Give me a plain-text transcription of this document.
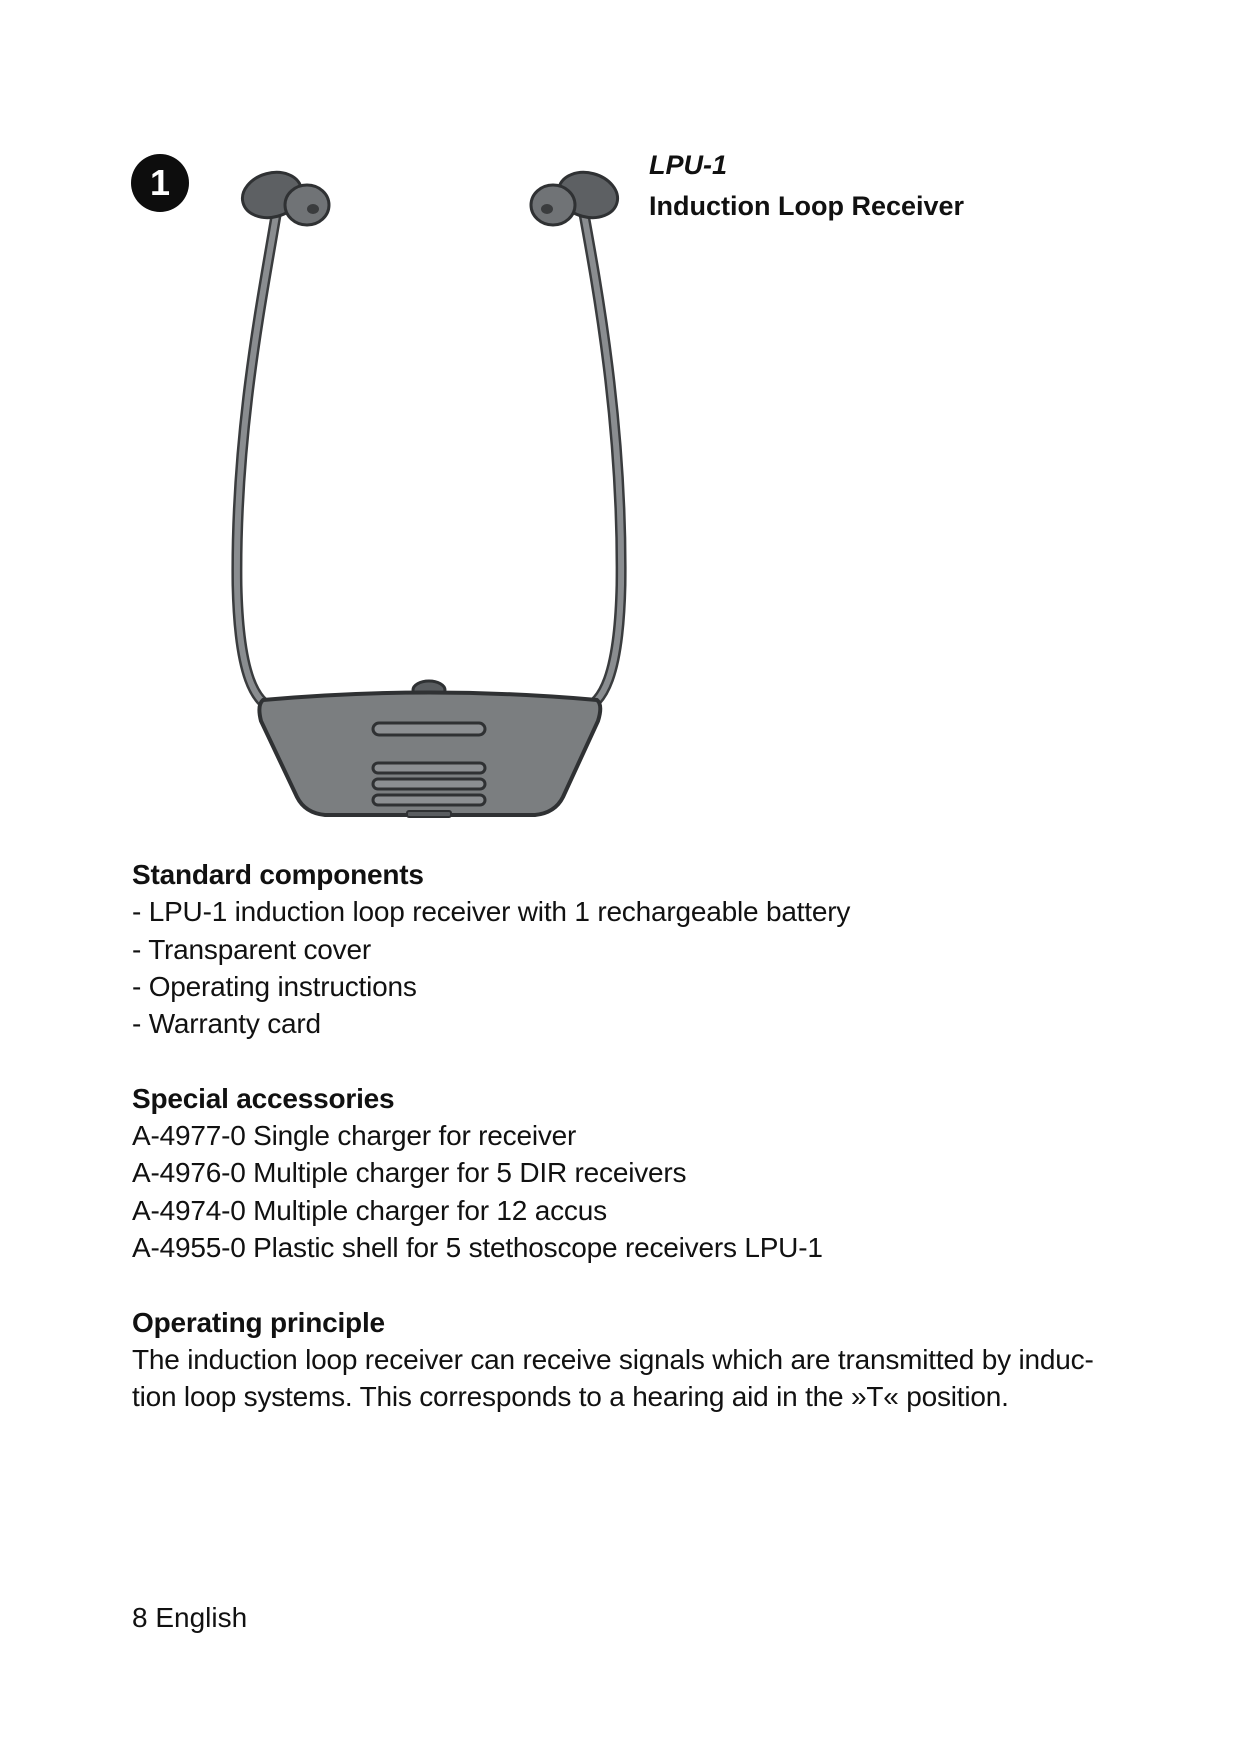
1	LPU-1

Induction Loop Receiver

Standard components

- LPU-1 induction loop receiver with 1 rechargeable battery

- Transparent cover

- Operating instructions

- Warranty card

Special accessories

A-4977-0 Single charger for receiver

A-4976-0 Multiple charger for 5 DIR receivers

A-4974-0 Multiple charger for 12 accus

A-4955-0 Plastic shell for 5 stethoscope receivers LPU-1

Operating principle

The induction loop receiver can receive signals which are transmitted by induc-

tion loop systems. This corresponds to a hearing aid in the »T« position.

8 English
